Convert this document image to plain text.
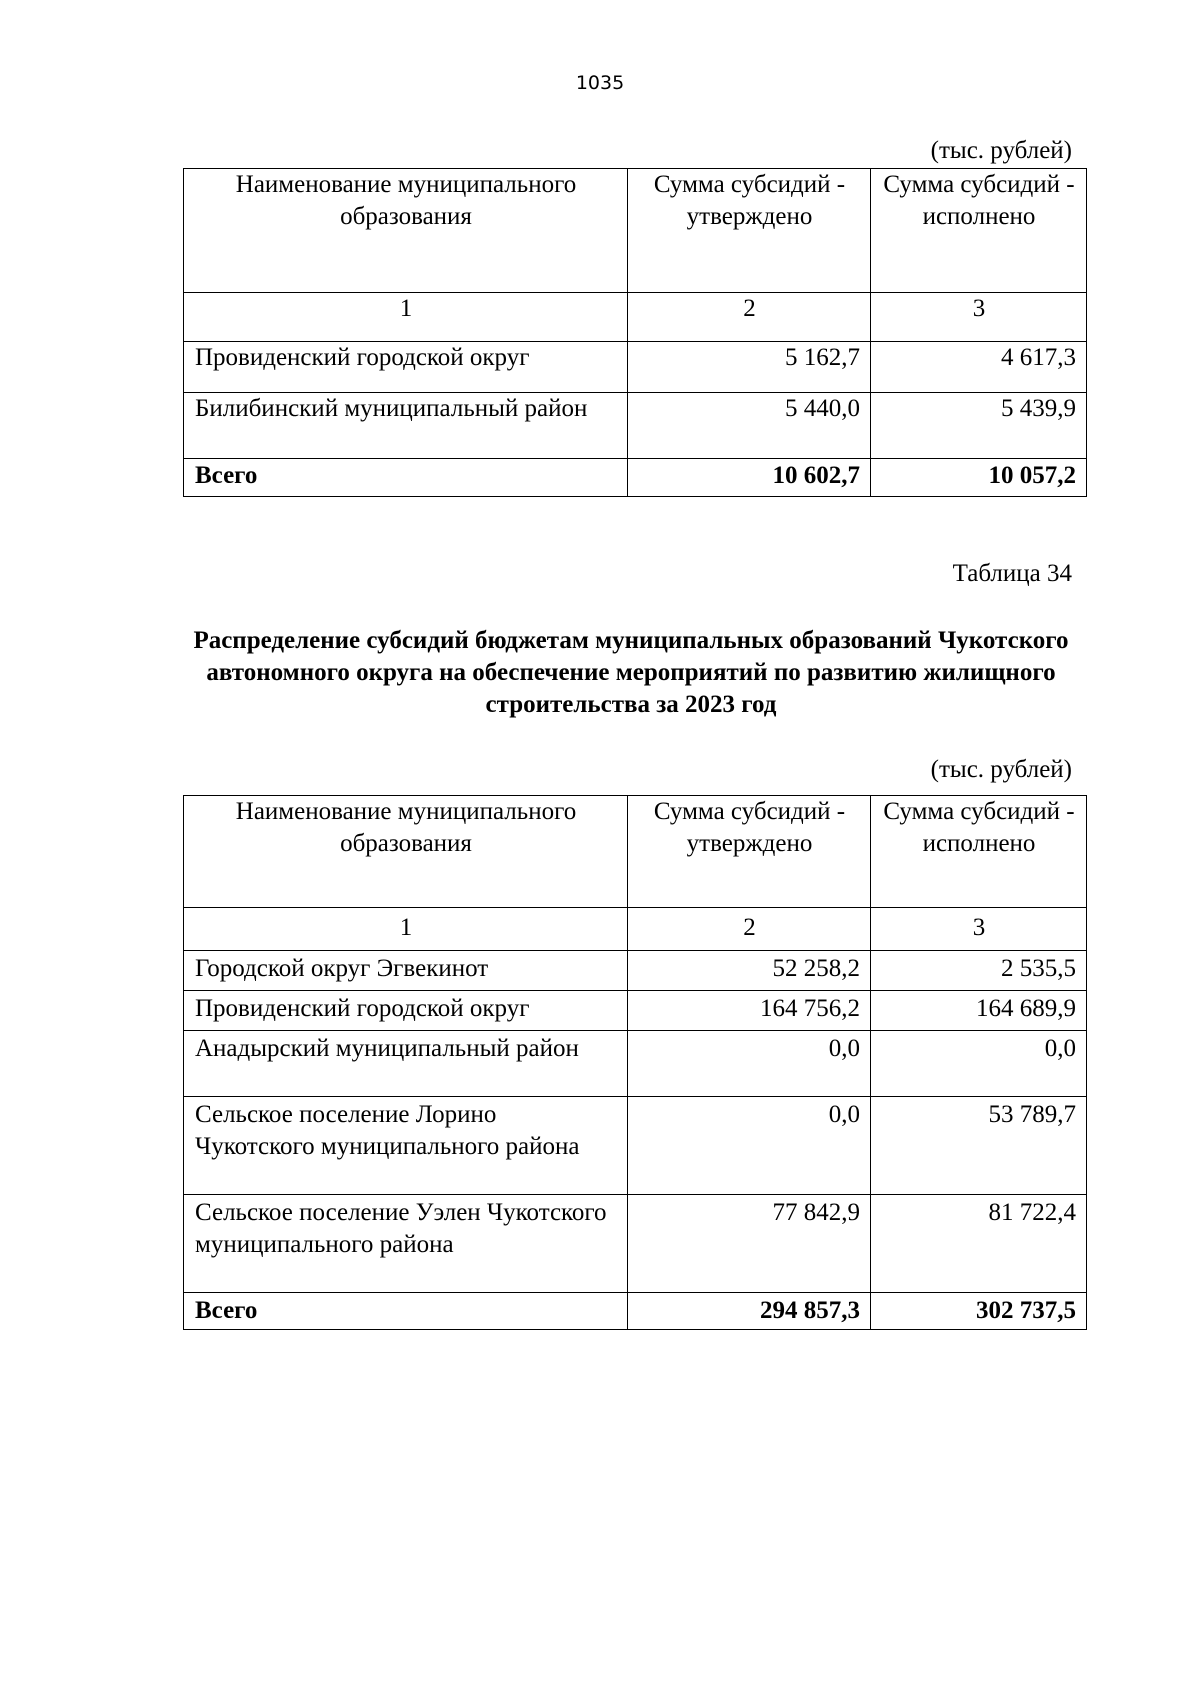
1035
(тыс. рублей)
Наименование муниципального образования	Сумма субсидий - утверждено	Сумма субсидий - исполнено
1	2	3
Провиденский городской округ	5 162,7	4 617,3
Билибинский муниципальный район	5 440,0	5 439,9
Всего	10 602,7	10 057,2
Таблица 34
Распределение субсидий бюджетам муниципальных образований Чукотского автономного округа на обеспечение мероприятий по развитию жилищного строительства за 2023 год
(тыс. рублей)
Наименование муниципального образования	Сумма субсидий - утверждено	Сумма субсидий - исполнено
1	2	3
Городской округ Эгвекинот	52 258,2	2 535,5
Провиденский городской округ	164 756,2	164 689,9
Анадырский муниципальный район	0,0	0,0
Сельское поселение Лорино Чукотского муниципального района	0,0	53 789,7
Сельское поселение Уэлен Чукотского муниципального района	77 842,9	81 722,4
Всего	294 857,3	302 737,5
